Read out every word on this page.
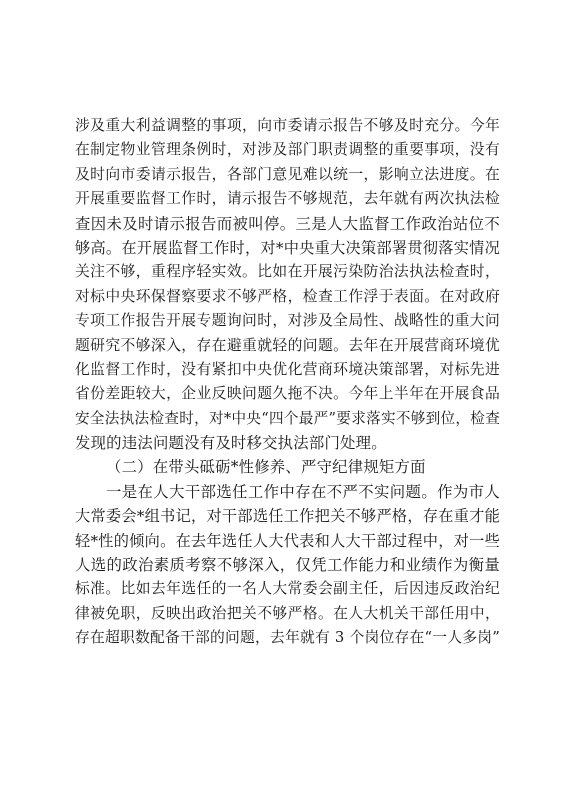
涉及重大利益调整的事项，向市委请示报告不够及时充分。今年
在制定物业管理条例时，对涉及部门职责调整的重要事项，没有
及时向市委请示报告，各部门意见难以统一，影响立法进度。在
开展重要监督工作时，请示报告不够规范，去年就有两次执法检
查因未及时请示报告而被叫停。三是人大监督工作政治站位不
够高。在开展监督工作时，对*中央重大决策部署贯彻落实情况
关注不够，重程序轻实效。比如在开展污染防治法执法检查时，
对标中央环保督察要求不够严格，检查工作浮于表面。在对政府
专项工作报告开展专题询问时，对涉及全局性、战略性的重大问
题研究不够深入，存在避重就轻的问题。去年在开展营商环境优
化监督工作时，没有紧扣中央优化营商环境决策部署，对标先进
省份差距较大，企业反映问题久拖不决。今年上半年在开展食品
安全法执法检查时，对*中央“四个最严”要求落实不够到位，检查
发现的违法问题没有及时移交执法部门处理。
（二）在带头砥砺*性修养、严守纪律规矩方面
一是在人大干部选任工作中存在不严不实问题。作为市人
大常委会*组书记，对干部选任工作把关不够严格，存在重才能
轻*性的倾向。在去年选任人大代表和人大干部过程中，对一些
人选的政治素质考察不够深入，仅凭工作能力和业绩作为衡量
标准。比如去年选任的一名人大常委会副主任，后因违反政治纪
律被免职，反映出政治把关不够严格。在人大机关干部任用中，
存在超职数配备干部的问题，去年就有 3 个岗位存在“一人多岗”
